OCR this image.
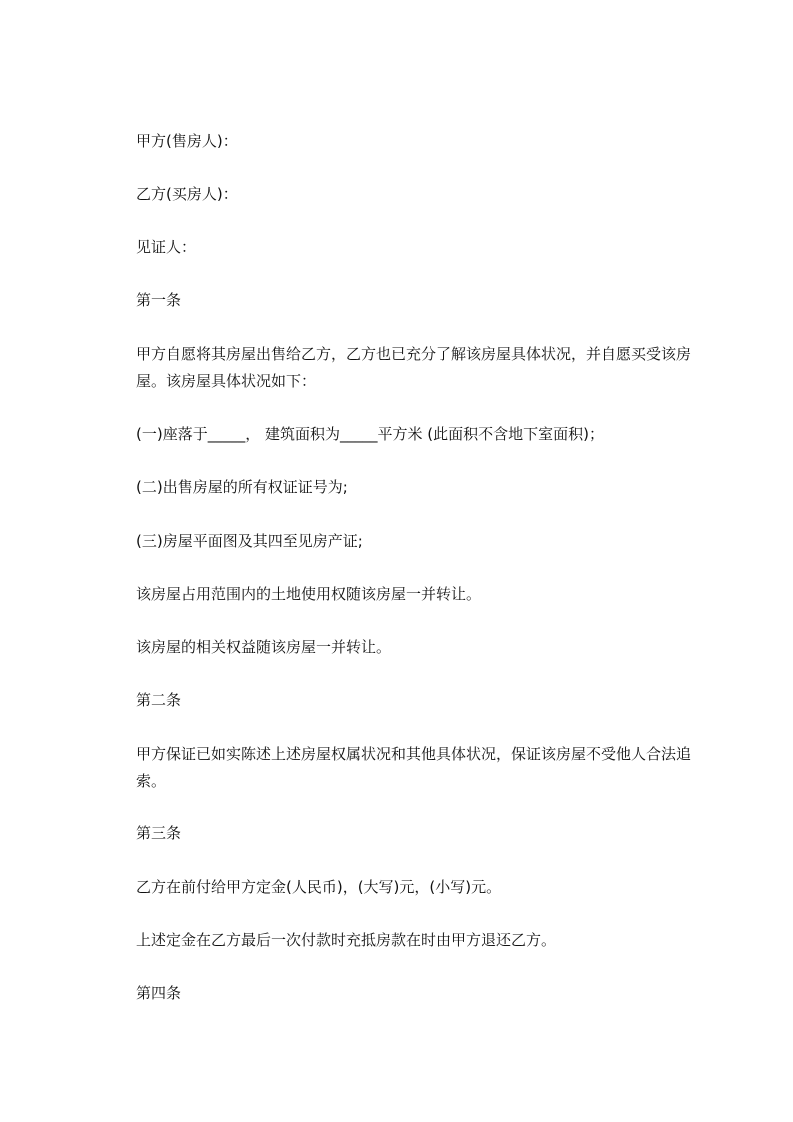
甲方(售房人)：

乙方(买房人)：

见证人：

第一条

甲方自愿将其房屋出售给乙方，乙方也已充分了解该房屋具体状况，并自愿买受该房屋。该房屋具体状况如下：

(一)座落于_____， 建筑面积为_____平方米 (此面积不含地下室面积)；

(二)出售房屋的所有权证证号为;

(三)房屋平面图及其四至见房产证;

该房屋占用范围内的土地使用权随该房屋一并转让。

该房屋的相关权益随该房屋一并转让。

第二条

甲方保证已如实陈述上述房屋权属状况和其他具体状况，保证该房屋不受他人合法追索。

第三条

乙方在前付给甲方定金(人民币)，(大写)元，(小写)元。

上述定金在乙方最后一次付款时充抵房款在时由甲方退还乙方。

第四条
